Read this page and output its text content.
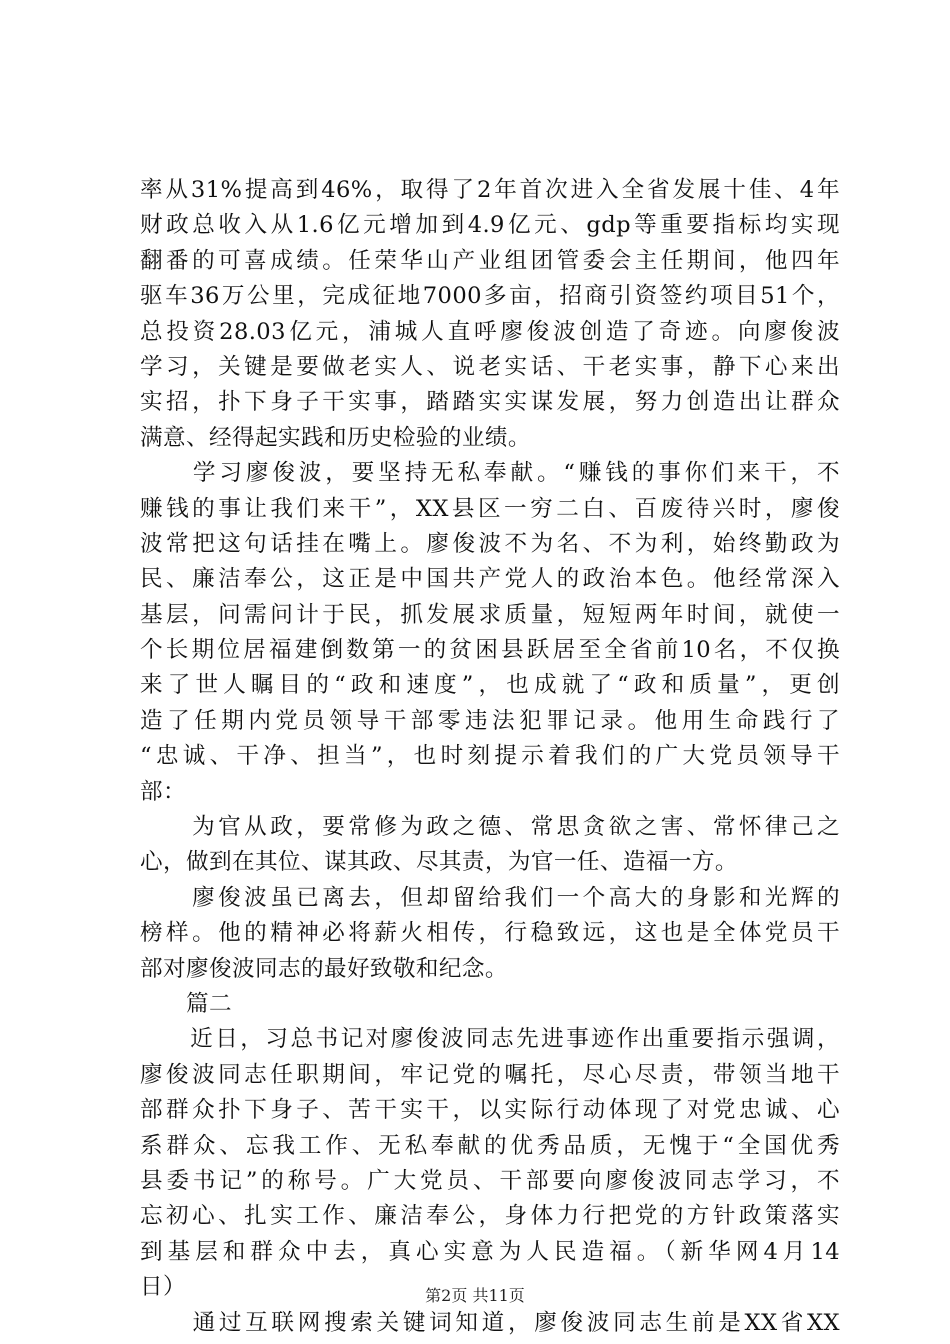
率从31%提高到46%，取得了2年首次进入全省发展十佳、4年
财政总收入从1.6亿元增加到4.9亿元、gdp等重要指标均实现
翻番的可喜成绩。任荣华山产业组团管委会主任期间，他四年
驱车36万公里，完成征地7000多亩，招商引资签约项目51个，
总投资28.03亿元，浦城人直呼廖俊波创造了奇迹。向廖俊波
学习，关键是要做老实人、说老实话、干老实事，静下心来出
实招，扑下身子干实事，踏踏实实谋发展，努力创造出让群众
满意、经得起实践和历史检验的业绩。
　　学习廖俊波，要坚持无私奉献。“赚钱的事你们来干，不
赚钱的事让我们来干”，XX县区一穷二白、百废待兴时，廖俊
波常把这句话挂在嘴上。廖俊波不为名、不为利，始终勤政为
民、廉洁奉公，这正是中国共产党人的政治本色。他经常深入
基层，问需问计于民，抓发展求质量，短短两年时间，就使一
个长期位居福建倒数第一的贫困县跃居至全省前10名，不仅换
来了世人瞩目的“政和速度”，也成就了“政和质量”，更创
造了任期内党员领导干部零违法犯罪记录。他用生命践行了
“忠诚、干净、担当”，也时刻提示着我们的广大党员领导干
部：
　　为官从政，要常修为政之德、常思贪欲之害、常怀律己之
心，做到在其位、谋其政、尽其责，为官一任、造福一方。
　　廖俊波虽已离去，但却留给我们一个高大的身影和光辉的
榜样。他的精神必将薪火相传，行稳致远，这也是全体党员干
部对廖俊波同志的最好致敬和纪念。
　　篇二
　　近日，习总书记对廖俊波同志先进事迹作出重要指示强调，
廖俊波同志任职期间，牢记党的嘱托，尽心尽责，带领当地干
部群众扑下身子、苦干实干，以实际行动体现了对党忠诚、心
系群众、忘我工作、无私奉献的优秀品质，无愧于“全国优秀
县委书记”的称号。广大党员、干部要向廖俊波同志学习，不
忘初心、扎实工作、廉洁奉公，身体力行把党的方针政策落实
到基层和群众中去，真心实意为人民造福。（新华网4月14
日）
　　通过互联网搜索关键词知道，廖俊波同志生前是XX省XX
第2页 共11页
